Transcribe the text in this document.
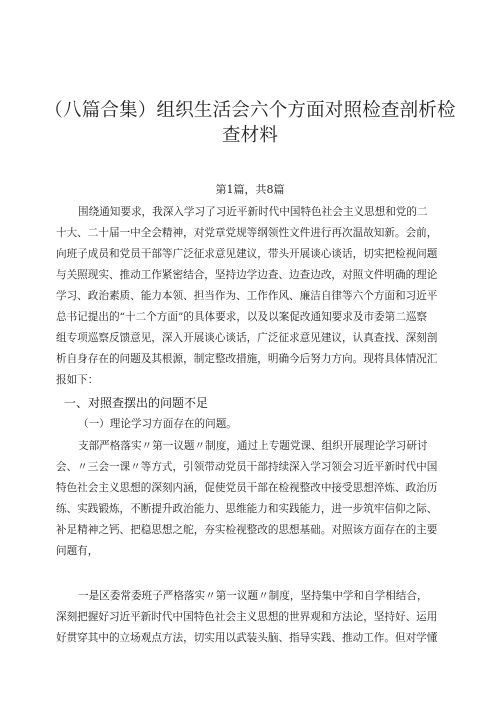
（八篇合集）组织生活会六个方面对照检查剖析检
查材料
第1篇，共8篇
围绕通知要求，我深入学习了习近平新时代中国特色社会主义思想和党的二
十大、二十届一中全会精神，对党章党规等纲领性文件进行再次温故知新。会前，
向班子成员和党员干部等广泛征求意见建议，带头开展谈心谈话，切实把检视问题
与关照现实、推动工作紧密结合，坚持边学边查、边查边改，对照文件明确的理论
学习、政治素质、能力本领、担当作为、工作作风、廉洁自律等六个方面和习近平
总书记提出的“十二个方面”的具体要求，以及以案促改通知要求及市委第二巡察
组专项巡察反馈意见，深入开展谈心谈话，广泛征求意见建议，认真查找、深刻剖
析自身存在的问题及其根源，制定整改措施，明确今后努力方向。现将具体情况汇
报如下：
一、对照查摆出的问题不足
（一）理论学习方面存在的问题。
支部严格落实〃第一议题〃制度，通过上专题党课、组织开展理论学习研讨
会、〃三会一课〃等方式，引领带动党员干部持续深入学习领会习近平新时代中国
特色社会主义思想的深刻内涵，促使党员干部在检视整改中接受思想淬炼、政治历
练、实践锻炼，不断提升政治能力、思维能力和实践能力，进一步筑牢信仰之际、
补足精神之钙、把稳思想之舵，夯实检视整改的思想基础。对照该方面存在的主要
问题有，
一是区委常委班子严格落实〃第一议题〃制度，坚持集中学和自学相结合，
深刻把握好习近平新时代中国特色社会主义思想的世界观和方法论，坚持好、运用
好贯穿其中的立场观点方法，切实用以武装头脑、指导实践、推动工作。但对学懂
